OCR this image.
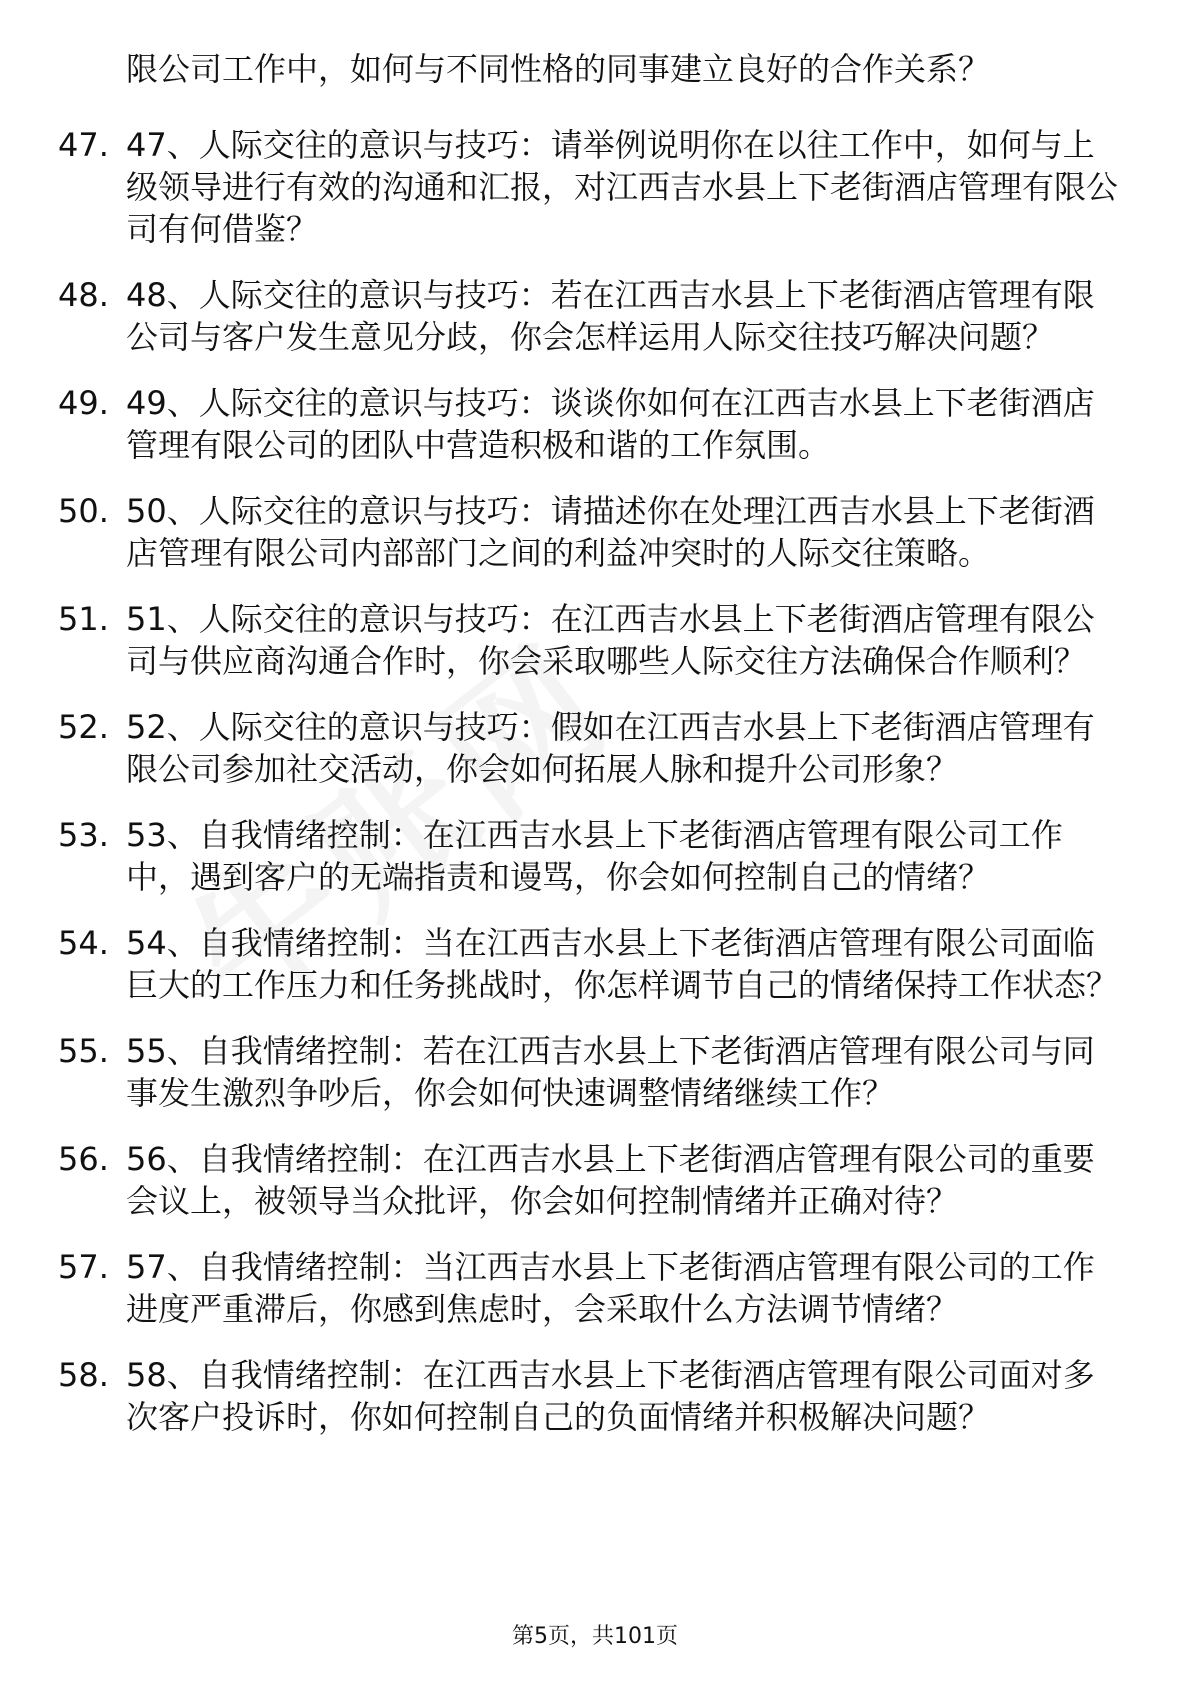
限公司工作中，如何与不同性格的同事建立良好的合作关系？

47. 47、人际交往的意识与技巧：请举例说明你在以往工作中，如何与上级领导进行有效的沟通和汇报，对江西吉水县上下老街酒店管理有限公司有何借鉴？
48. 48、人际交往的意识与技巧：若在江西吉水县上下老街酒店管理有限公司与客户发生意见分歧，你会怎样运用人际交往技巧解决问题？
49. 49、人际交往的意识与技巧：谈谈你如何在江西吉水县上下老街酒店管理有限公司的团队中营造积极和谐的工作氛围。
50. 50、人际交往的意识与技巧：请描述你在处理江西吉水县上下老街酒店管理有限公司内部部门之间的利益冲突时的人际交往策略。
51. 51、人际交往的意识与技巧：在江西吉水县上下老街酒店管理有限公司与供应商沟通合作时，你会采取哪些人际交往方法确保合作顺利？
52. 52、人际交往的意识与技巧：假如在江西吉水县上下老街酒店管理有限公司参加社交活动，你会如何拓展人脉和提升公司形象？
53. 53、自我情绪控制：在江西吉水县上下老街酒店管理有限公司工作中，遇到客户的无端指责和谩骂，你会如何控制自己的情绪？
54. 54、自我情绪控制：当在江西吉水县上下老街酒店管理有限公司面临巨大的工作压力和任务挑战时，你怎样调节自己的情绪保持工作状态？
55. 55、自我情绪控制：若在江西吉水县上下老街酒店管理有限公司与同事发生激烈争吵后，你会如何快速调整情绪继续工作？
56. 56、自我情绪控制：在江西吉水县上下老街酒店管理有限公司的重要会议上，被领导当众批评，你会如何控制情绪并正确对待？
57. 57、自我情绪控制：当江西吉水县上下老街酒店管理有限公司的工作进度严重滞后，你感到焦虑时，会采取什么方法调节情绪？
58. 58、自我情绪控制：在江西吉水县上下老街酒店管理有限公司面对多次客户投诉时，你如何控制自己的负面情绪并积极解决问题？
第5页，共101页
